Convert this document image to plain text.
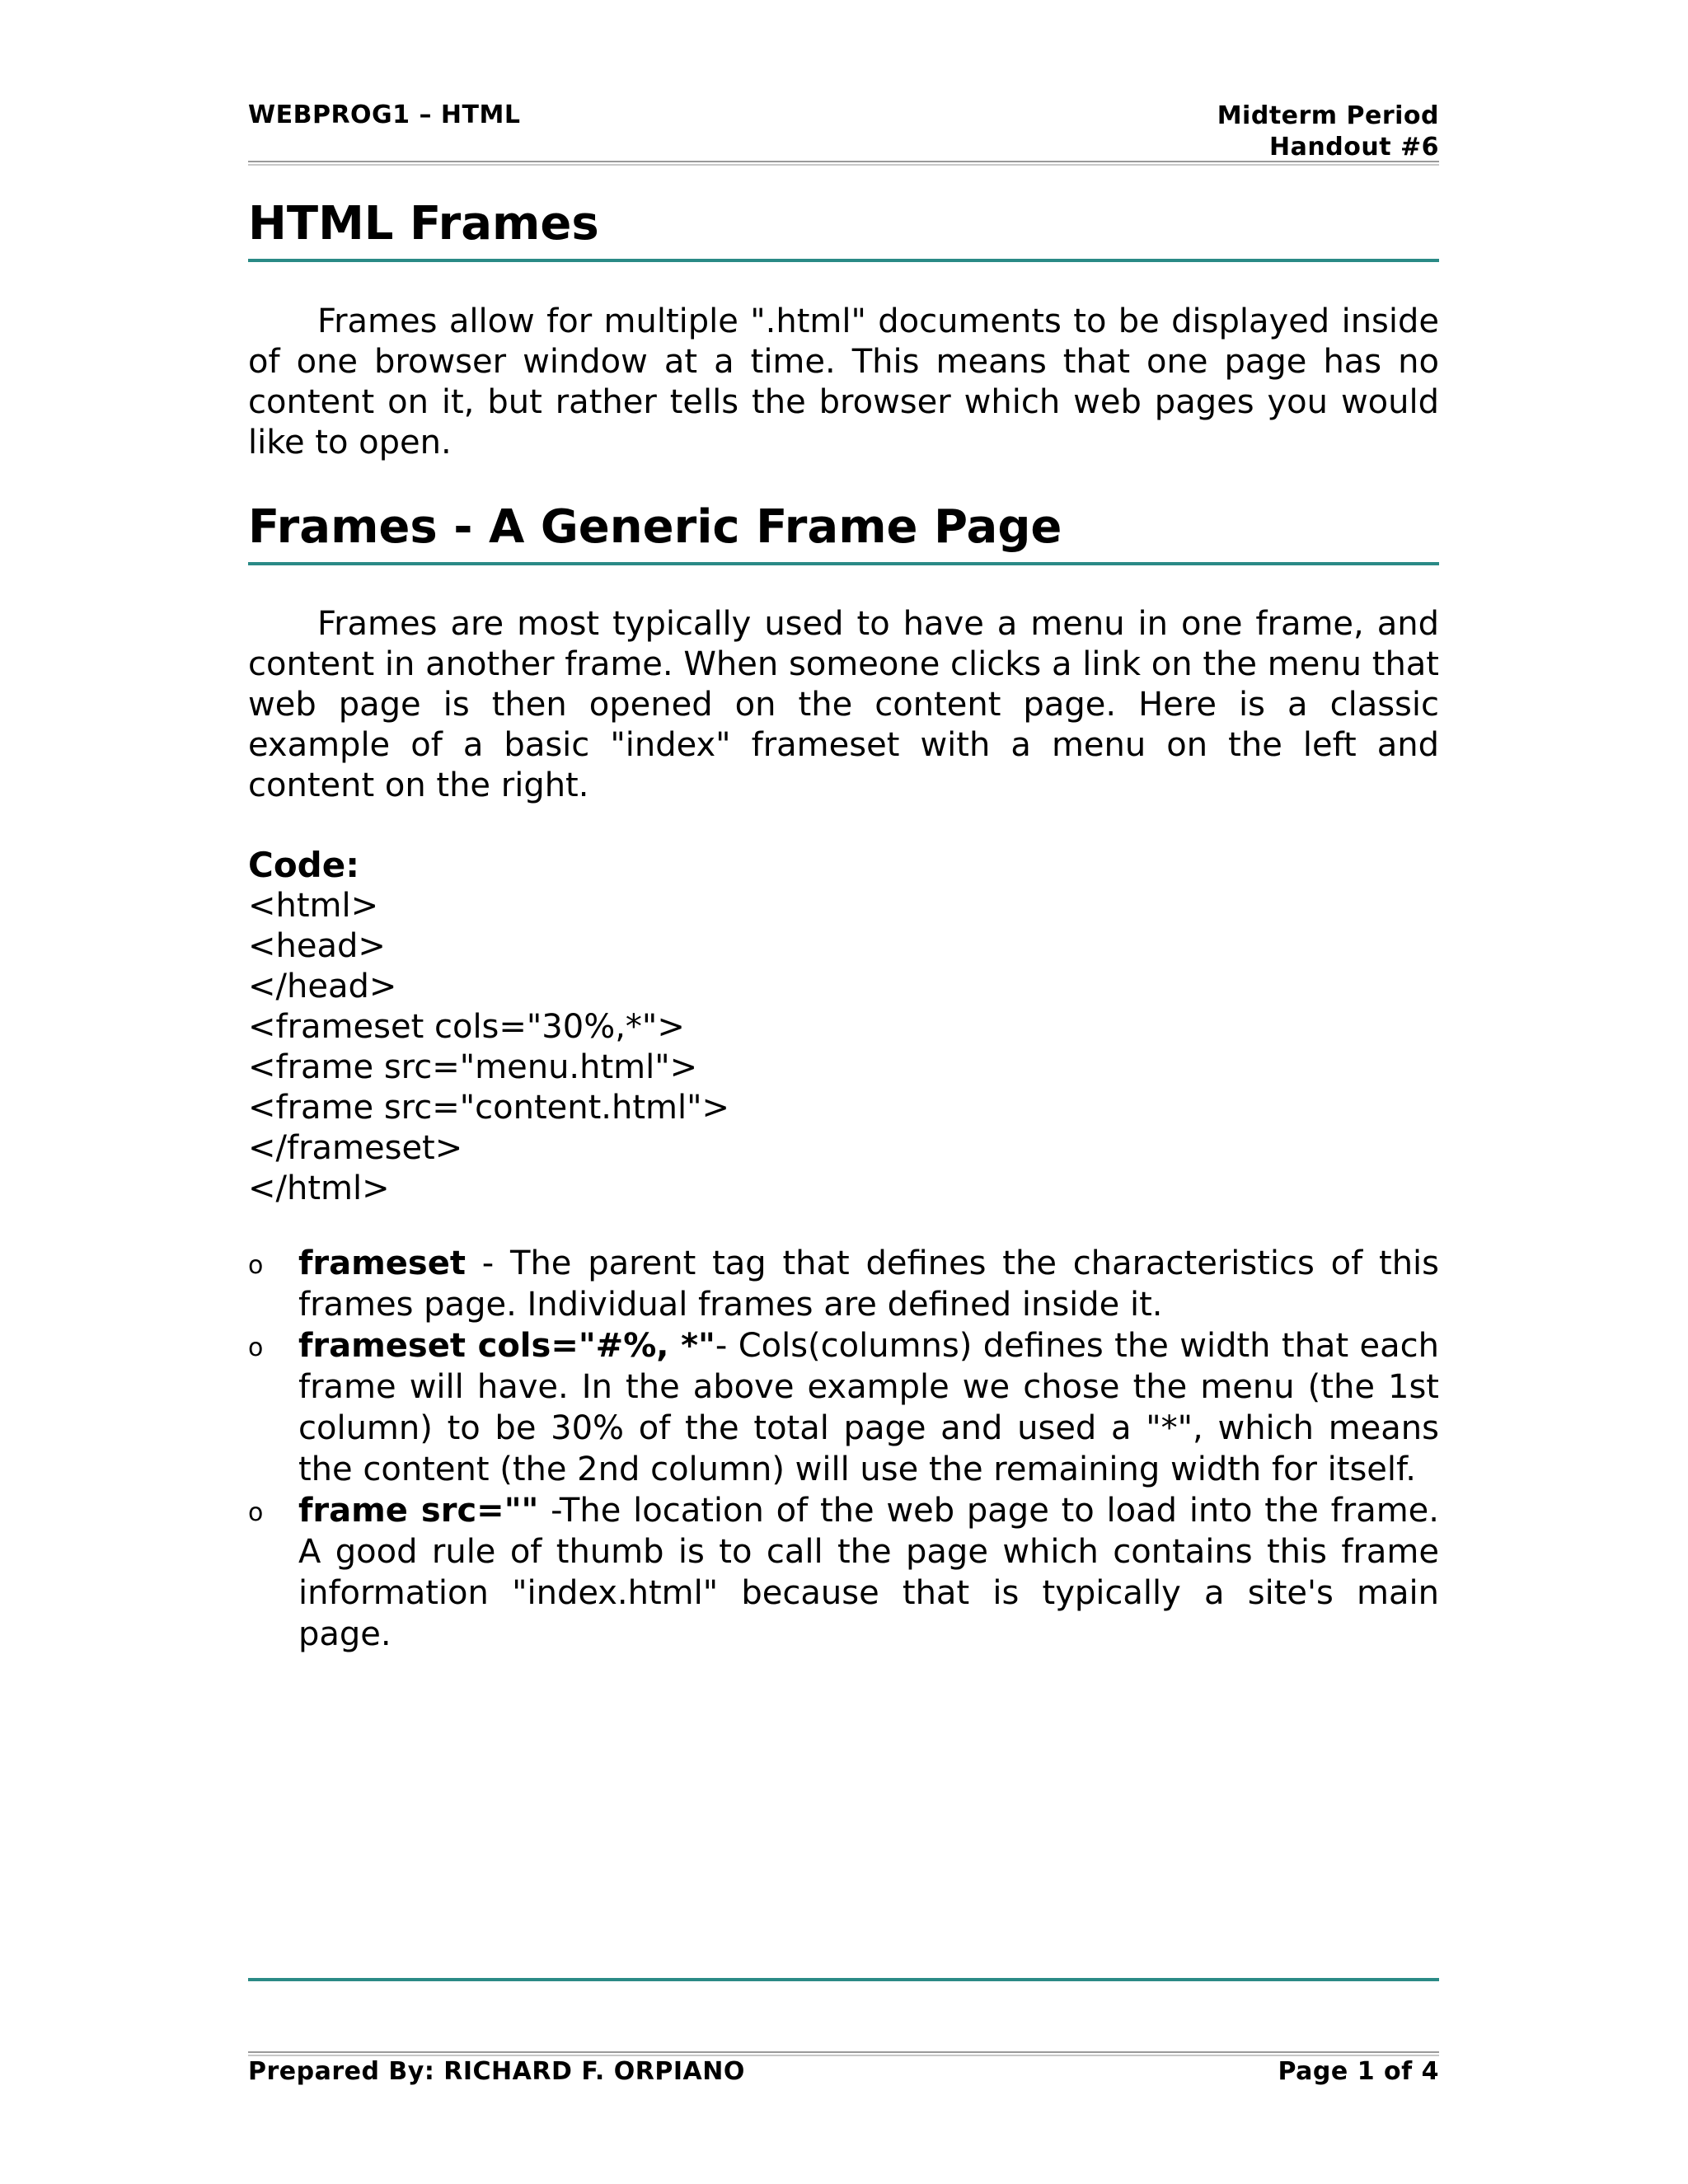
WEBPROG1 – HTML	Midterm Period
Handout #6
HTML Frames
Frames allow for multiple ".html" documents to be displayed inside of one browser window at a time. This means that one page has no content on it, but rather tells the browser which web pages you would like to open.
Frames - A Generic Frame Page
Frames are most typically used to have a menu in one frame, and content in another frame. When someone clicks a link on the menu that web page is then opened on the content page. Here is a classic example of a basic "index" frameset with a menu on the left and content on the right.
Code:
<html>
<head>
</head>
<frameset cols="30%,*">
<frame src="menu.html">
<frame src="content.html">
</frameset>
</html>
o frameset - The parent tag that defines the characteristics of this frames page. Individual frames are defined inside it.
o frameset cols="#%, *"- Cols(columns) defines the width that each frame will have. In the above example we chose the menu (the 1st column) to be 30% of the total page and used a "*", which means the content (the 2nd column) will use the remaining width for itself.
o frame src="" -The location of the web page to load into the frame. A good rule of thumb is to call the page which contains this frame information "index.html" because that is typically a site's main page.
Prepared By: RICHARD F. ORPIANO	Page 1 of 4
